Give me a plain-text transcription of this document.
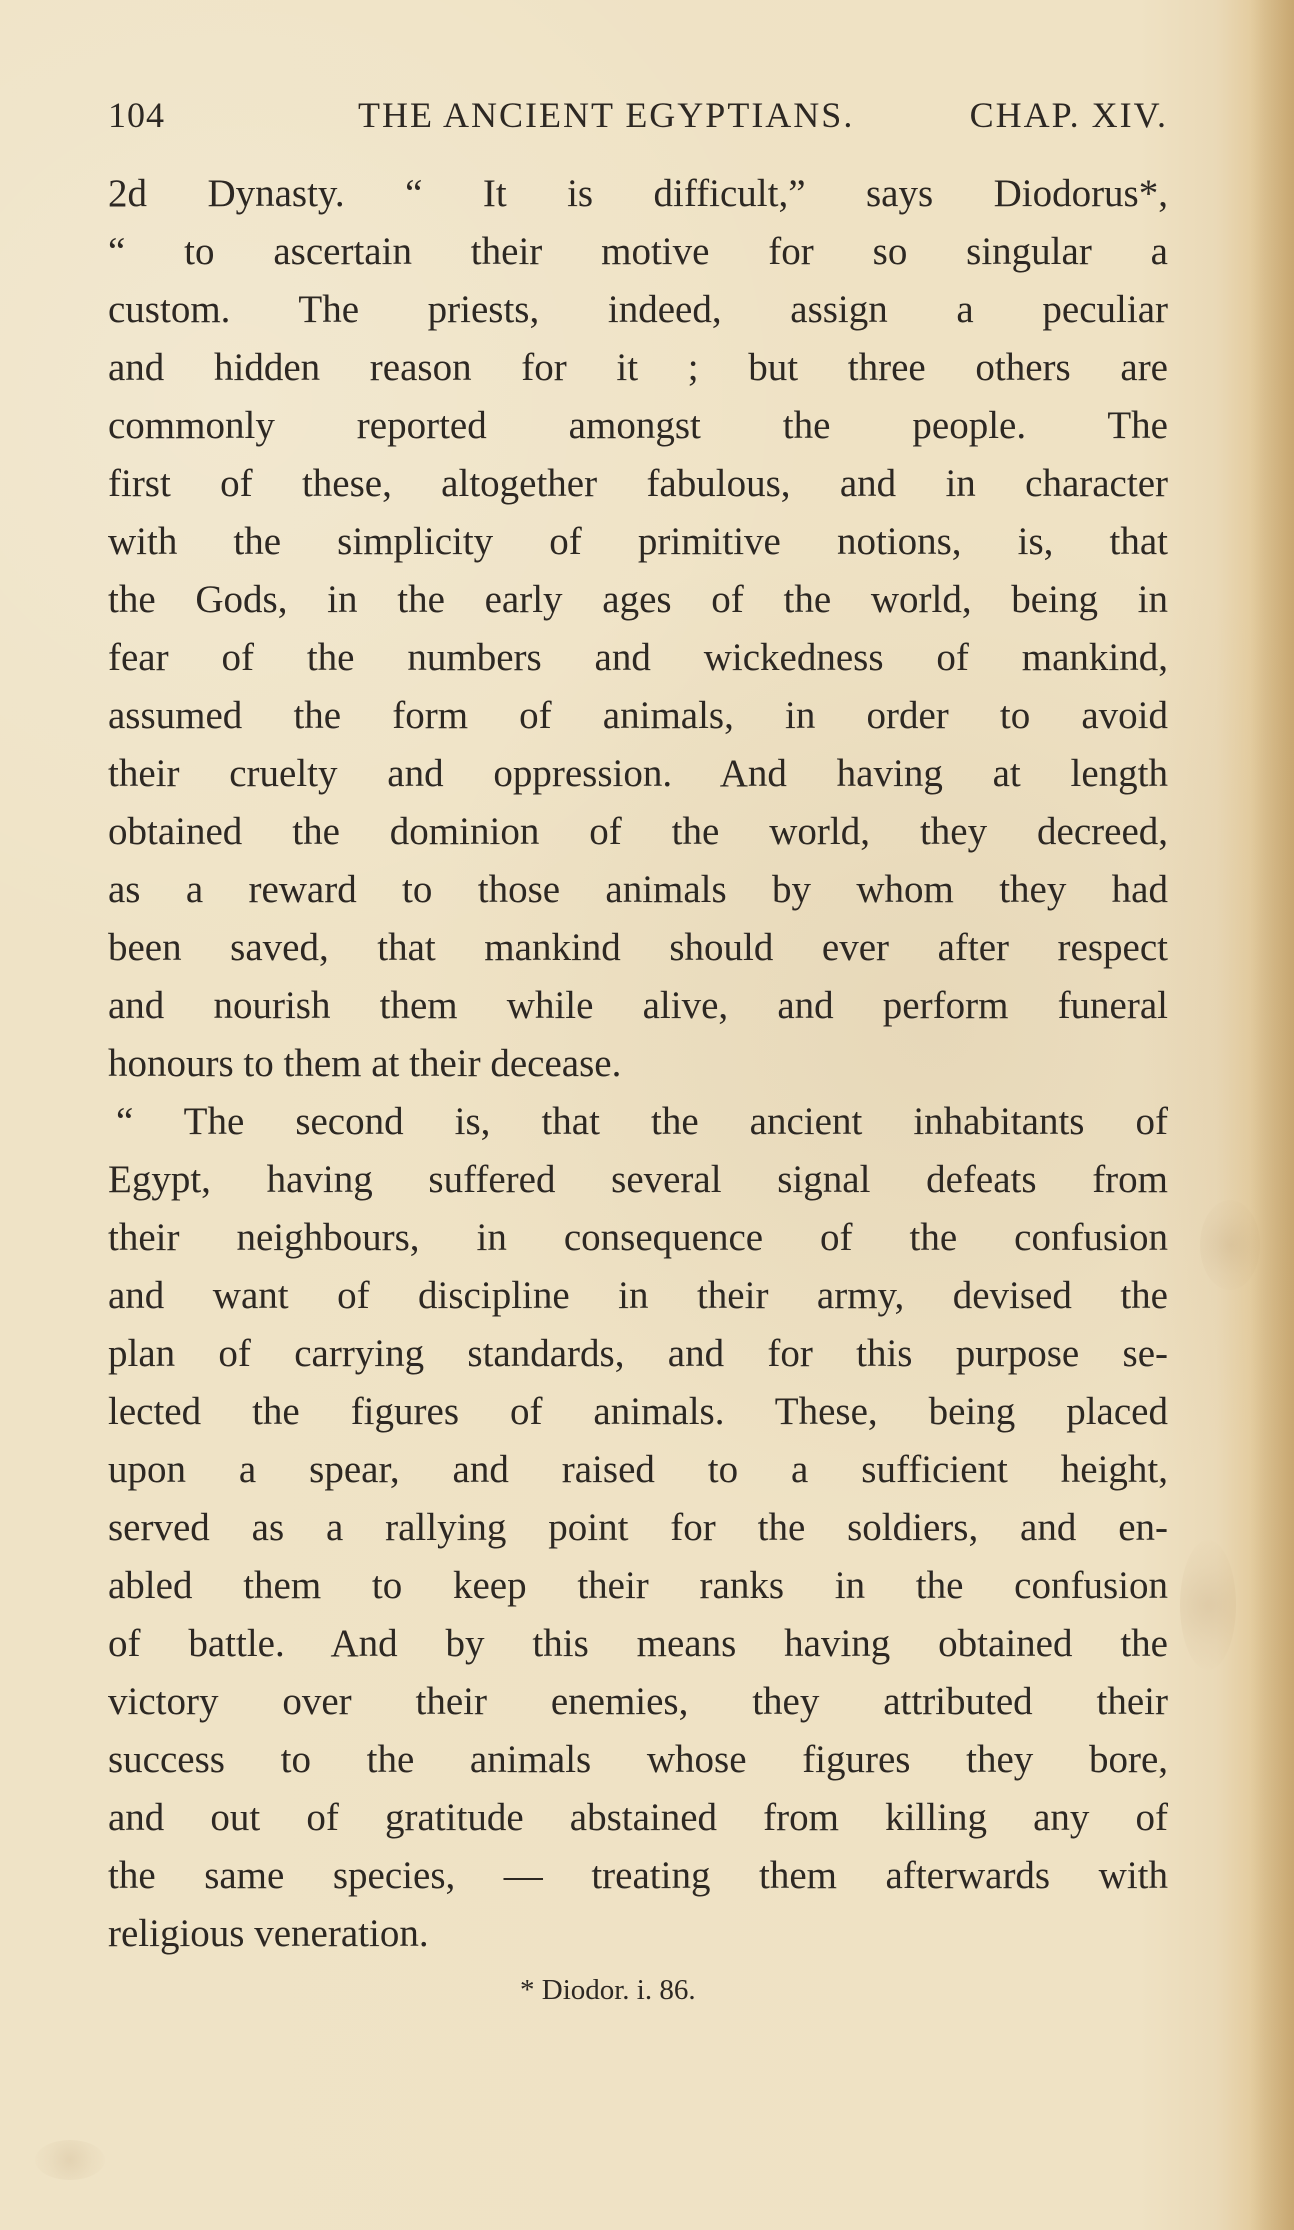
104	THE ANCIENT EGYPTIANS.	CHAP. XIV.
2d Dynasty. “ It is difficult,” says Diodorus*,
“ to ascertain their motive for so singular a
custom. The priests, indeed, assign a peculiar
and hidden reason for it ; but three others are
commonly reported amongst the people. The
first of these, altogether fabulous, and in character
with the simplicity of primitive notions, is, that
the Gods, in the early ages of the world, being in
fear of the numbers and wickedness of mankind,
assumed the form of animals, in order to avoid
their cruelty and oppression. And having at length
obtained the dominion of the world, they decreed,
as a reward to those animals by whom they had
been saved, that mankind should ever after respect
and nourish them while alive, and perform funeral
honours to them at their decease.
“ The second is, that the ancient inhabitants of
Egypt, having suffered several signal defeats from
their neighbours, in consequence of the confusion
and want of discipline in their army, devised the
plan of carrying standards, and for this purpose se-
lected the figures of animals. These, being placed
upon a spear, and raised to a sufficient height,
served as a rallying point for the soldiers, and en-
abled them to keep their ranks in the confusion
of battle. And by this means having obtained the
victory over their enemies, they attributed their
success to the animals whose figures they bore,
and out of gratitude abstained from killing any of
the same species, — treating them afterwards with
religious veneration.
* Diodor. i. 86.
